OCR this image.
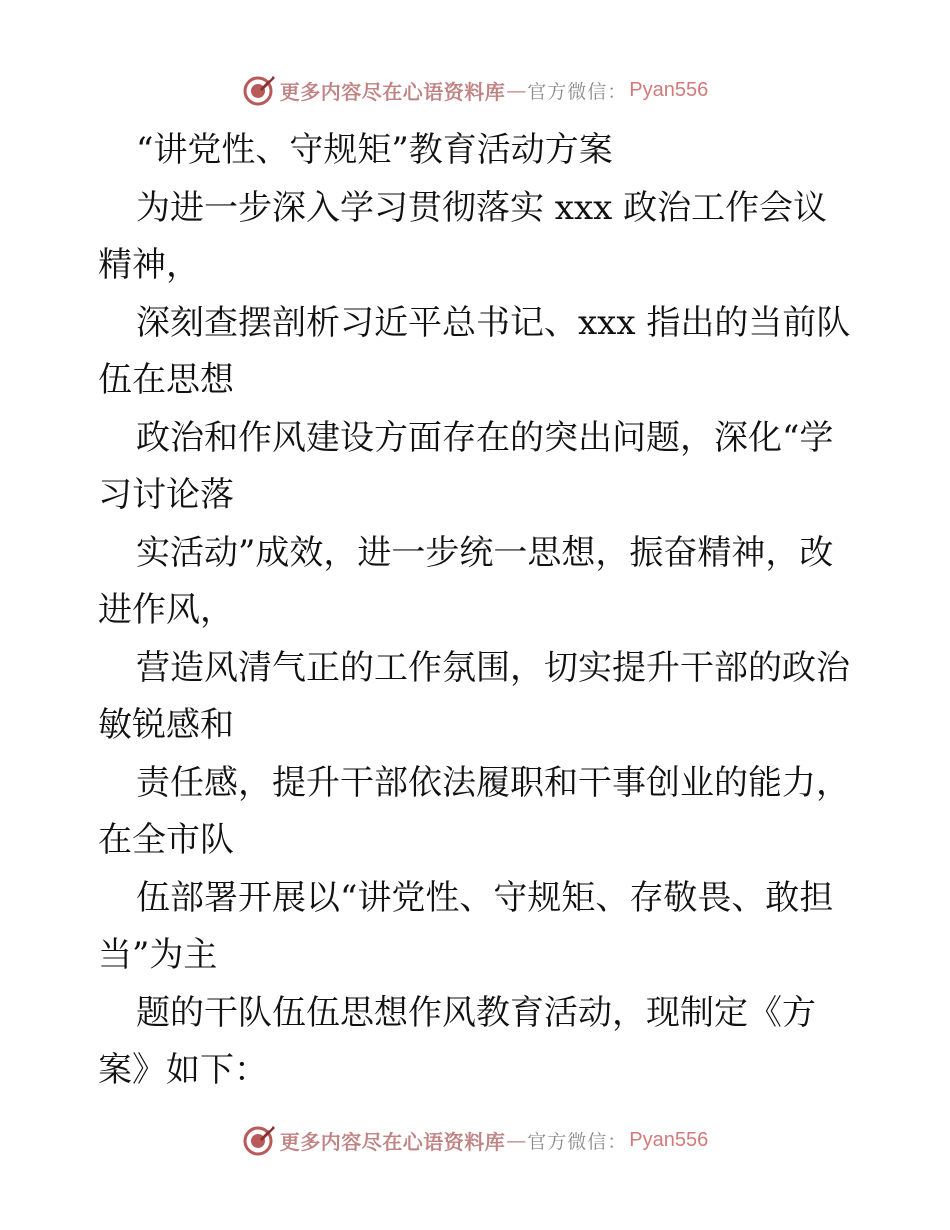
更多内容尽在心语资料库 — 官方微信： Pyan556
“讲党性、守规矩”教育活动方案
为进一步深入学习贯彻落实 xxx 政治工作会议
精神，
深刻查摆剖析习近平总书记、xxx 指出的当前队
伍在思想
政治和作风建设方面存在的突出问题，深化“学
习讨论落
实活动”成效，进一步统一思想，振奋精神，改
进作风，
营造风清气正的工作氛围，切实提升干部的政治
敏锐感和
责任感，提升干部依法履职和干事创业的能力，
在全市队
伍部署开展以“讲党性、守规矩、存敬畏、敢担
当”为主
题的干队伍伍思想作风教育活动，现制定《方
案》如下：
更多内容尽在心语资料库 — 官方微信： Pyan556
